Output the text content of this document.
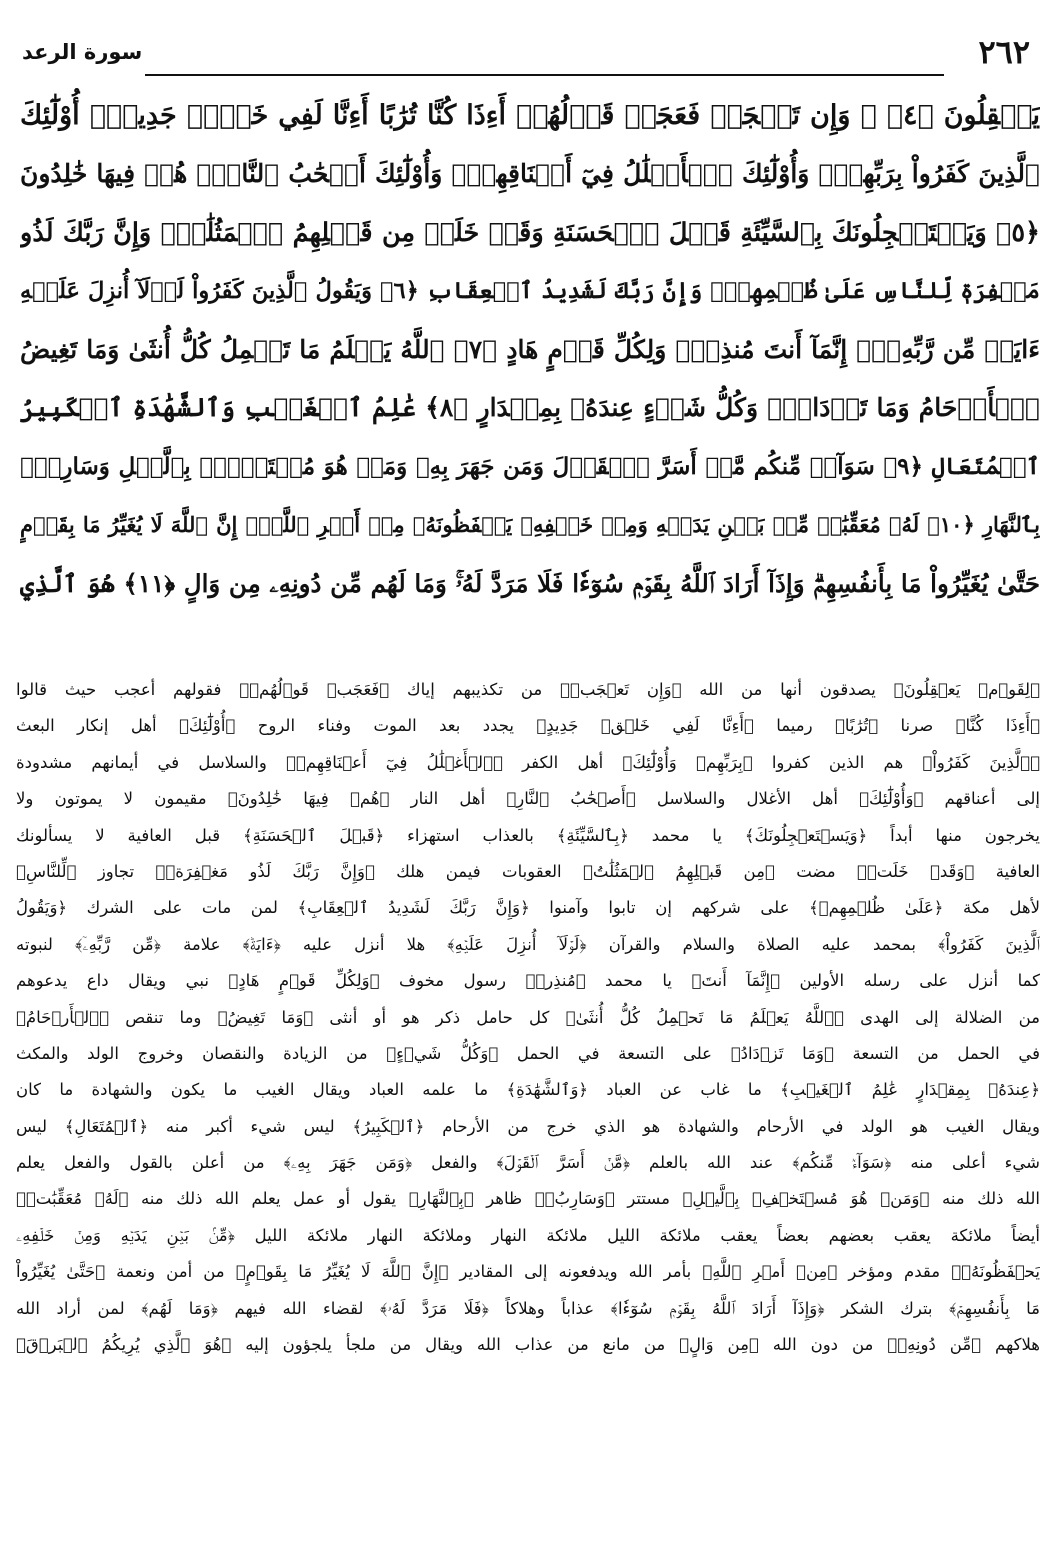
٢٦٢
سورة الرعد
يَعۡقِلُونَ ﴿٤﴾ ۞ وَإِن تَعۡجَبۡ فَعَجَبٞ قَوۡلُهُمۡ أَءِذَا كُنَّا تُرَٰبًا أَءِنَّا لَفِي خَلۡقٖ جَدِيدٍۗ أُوْلَٰٓئِكَ
ٱلَّذِينَ كَفَرُواْ بِرَبِّهِمۡۖ وَأُوْلَٰٓئِكَ ٱلۡأَغۡلَٰلُ فِيٓ أَعۡنَاقِهِمۡۖ وَأُوْلَٰٓئِكَ أَصۡحَٰبُ ٱلنَّارِۖ هُمۡ فِيهَا خَٰلِدُونَ
﴿٥﴾ وَيَسۡتَعۡجِلُونَكَ بِٱلسَّيِّئَةِ قَبۡلَ ٱلۡحَسَنَةِ وَقَدۡ خَلَتۡ مِن قَبۡلِهِمُ ٱلۡمَثُلَٰتُۗ وَإِنَّ رَبَّكَ لَذُو
مَغۡفِرَةٖ لِّلنَّاسِ عَلَىٰ ظُلۡمِهِمۡۖ وَإِنَّ رَبَّكَ لَشَدِيدُ ٱلۡعِقَابِ ﴿٦﴾ وَيَقُولُ ٱلَّذِينَ كَفَرُواْ لَوۡلَآ أُنزِلَ عَلَيۡهِ
ءَايَةٞ مِّن رَّبِّهِۦٓۗ إِنَّمَآ أَنتَ مُنذِرٞۖ وَلِكُلِّ قَوۡمٍ هَادٍ ﴿٧﴾ ٱللَّهُ يَعۡلَمُ مَا تَحۡمِلُ كُلُّ أُنثَىٰ وَمَا تَغِيضُ
ٱلۡأَرۡحَامُ وَمَا تَزۡدَادُۚ وَكُلُّ شَيۡءٍ عِندَهُۥ بِمِقۡدَارٍ ﴿٨﴾ عَٰلِمُ ٱلۡغَيۡبِ وَٱلشَّهَٰدَةِ ٱلۡكَبِيرُ
ٱلۡمُتَعَالِ ﴿٩﴾ سَوَآءٞ مِّنكُم مَّنۡ أَسَرَّ ٱلۡقَوۡلَ وَمَن جَهَرَ بِهِۦ وَمَنۡ هُوَ مُسۡتَخۡفِۭ بِٱلَّيۡلِ وَسَارِبُۢ
بِٱلنَّهَارِ ﴿١٠﴾ لَهُۥ مُعَقِّبَٰتٞ مِّنۢ بَيۡنِ يَدَيۡهِ وَمِنۡ خَلۡفِهِۦ يَحۡفَظُونَهُۥ مِنۡ أَمۡرِ ٱللَّهِۗ إِنَّ ٱللَّهَ لَا يُغَيِّرُ مَا بِقَوۡمٍ
حَتَّىٰ يُغَيِّرُواْ مَا بِأَنفُسِهِمۡۗ وَإِذَآ أَرَادَ ٱللَّهُ بِقَوۡمٖ سُوٓءٗا فَلَا مَرَدَّ لَهُۥۚ وَمَا لَهُم مِّن دُونِهِۦ مِن وَالٍ ﴿١١﴾ هُوَ ٱلَّذِي
﴿لِقَوۡمٖ يَعۡقِلُونَ﴾ يصدقون أنها من الله ﴿وَإِن تَعۡجَبۡ﴾ من تكذيبهم إياك ﴿فَعَجَبٞ قَوۡلُهُمۡ﴾ فقولهم أعجب حيث قالوا
﴿أَءِذَا كُنَّا﴾ صرنا ﴿تُرَٰبًا﴾ رميما ﴿أَءِنَّا لَفِي خَلۡقٖ جَدِيدٍ﴾ يجدد بعد الموت وفناء الروح ﴿أُوْلَٰٓئِكَ﴾ أهل إنكار البعث
﴿ٱلَّذِينَ كَفَرُواْ﴾ هم الذين كفروا ﴿بِرَبِّهِمۡ وَأُوْلَٰٓئِكَ﴾ أهل الكفر ﴿ٱلۡأَغۡلَٰلُ فِيٓ أَعۡنَاقِهِمۡ﴾ والسلاسل في أيمانهم مشدودة
إلى أعناقهم ﴿وَأُوْلَٰٓئِكَ﴾ أهل الأغلال والسلاسل ﴿أَصۡحَٰبُ ٱلنَّارِ﴾ أهل النار ﴿هُمۡ فِيهَا خَٰلِدُونَ﴾ مقيمون لا يموتون ولا
يخرجون منها أبداً ﴿وَيَسۡتَعۡجِلُونَكَ﴾ يا محمد ﴿بِٱلسَّيِّئَةِ﴾ بالعذاب استهزاء ﴿قَبۡلَ ٱلۡحَسَنَةِ﴾ قبل العافية لا يسألونك
العافية ﴿وَقَدۡ خَلَتۡ﴾ مضت ﴿مِن قَبۡلِهِمُ ٱلۡمَثُلَٰتُ﴾ العقوبات فيمن هلك ﴿وَإِنَّ رَبَّكَ لَذُو مَغۡفِرَةٖ﴾ تجاوز ﴿لِّلنَّاسِ﴾
لأهل مكة ﴿عَلَىٰ ظُلۡمِهِمۡ﴾ على شركهم إن تابوا وآمنوا ﴿وَإِنَّ رَبَّكَ لَشَدِيدُ ٱلۡعِقَابِ﴾ لمن مات على الشرك ﴿وَيَقُولُ
ٱلَّذِينَ كَفَرُواْ﴾ بمحمد عليه الصلاة والسلام والقرآن ﴿لَوۡلَآ أُنزِلَ عَلَيۡهِ﴾ هلا أنزل عليه ﴿ءَايَةٞ﴾ علامة ﴿مِّن رَّبِّهِۦٓ﴾ لنبوته
كما أنزل على رسله الأولين ﴿إِنَّمَآ أَنتَ﴾ يا محمد ﴿مُنذِرٞ﴾ رسول مخوف ﴿وَلِكُلِّ قَوۡمٍ هَادٍ﴾ نبي ويقال داع يدعوهم
من الضلالة إلى الهدى ﴿ٱللَّهُ يَعۡلَمُ مَا تَحۡمِلُ كُلُّ أُنثَىٰ﴾ كل حامل ذكر هو أو أنثى ﴿وَمَا تَغِيضُ﴾ وما تنقص ﴿ٱلۡأَرۡحَامُ﴾
في الحمل من التسعة ﴿وَمَا تَزۡدَادُ﴾ على التسعة في الحمل ﴿وَكُلُّ شَيۡءٍ﴾ من الزيادة والنقصان وخروج الولد والمكث
﴿عِندَهُۥ بِمِقۡدَارٍ عَٰلِمُ ٱلۡغَيۡبِ﴾ ما غاب عن العباد ﴿وَٱلشَّهَٰدَةِ﴾ ما علمه العباد ويقال الغيب ما يكون والشهادة ما كان
ويقال الغيب هو الولد في الأرحام والشهادة هو الذي خرج من الأرحام ﴿ٱلۡكَبِيرُ﴾ ليس شيء أكبر منه ﴿ٱلۡمُتَعَالِ﴾ ليس
شيء أعلى منه ﴿سَوَآءٞ مِّنكُم﴾ عند الله بالعلم ﴿مَّنۡ أَسَرَّ ٱلۡقَوۡلَ﴾ والفعل ﴿وَمَن جَهَرَ بِهِۦ﴾ من أعلن بالقول والفعل يعلم
الله ذلك منه ﴿وَمَنۡ هُوَ مُسۡتَخۡفِۭ بِٱلَّيۡلِ﴾ مستتر ﴿وَسَارِبُۢ﴾ ظاهر ﴿بِٱلنَّهَارِ﴾ يقول أو عمل يعلم الله ذلك منه ﴿لَهُۥ مُعَقِّبَٰتٞ﴾
أيضاً ملائكة يعقب بعضهم بعضاً يعقب ملائكة الليل ملائكة النهار وملائكة النهار ملائكة الليل ﴿مِّنۢ بَيۡنِ يَدَيۡهِ وَمِنۡ خَلۡفِهِۦ
يَحۡفَظُونَهُۥ﴾ مقدم ومؤخر ﴿مِنۡ أَمۡرِ ٱللَّهِ﴾ بأمر الله ويدفعونه إلى المقادير ﴿إِنَّ ٱللَّهَ لَا يُغَيِّرُ مَا بِقَوۡمٍ﴾ من أمن ونعمة ﴿حَتَّىٰ يُغَيِّرُواْ
مَا بِأَنفُسِهِمۡ﴾ بترك الشكر ﴿وَإِذَآ أَرَادَ ٱللَّهُ بِقَوۡمٖ سُوٓءٗا﴾ عذاباً وهلاكاً ﴿فَلَا مَرَدَّ لَهُۥ﴾ لقضاء الله فيهم ﴿وَمَا لَهُم﴾ لمن أراد الله
هلاكهم ﴿مِّن دُونِهِۦ﴾ من دون الله ﴿مِن وَالٍ﴾ من مانع من عذاب الله ويقال من ملجأ يلجؤون إليه ﴿هُوَ ٱلَّذِي يُرِيكُمُ ٱلۡبَرۡقَ﴾
